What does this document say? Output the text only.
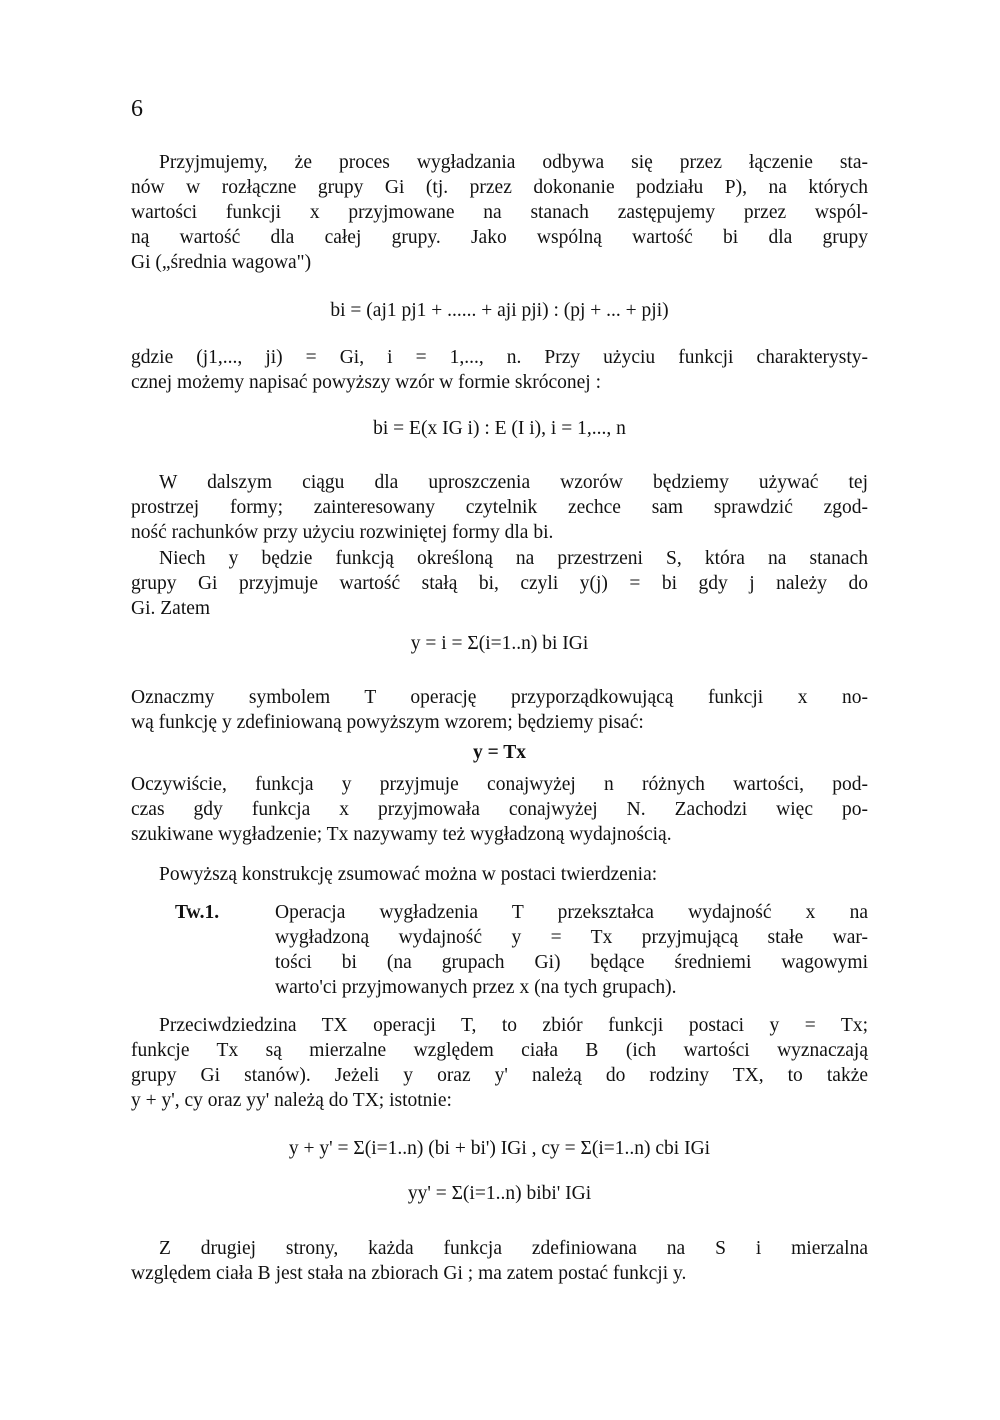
6
Przyjmujemy, że proces wygładzania odbywa się przez łączenie sta-
nów w rozłączne grupy Gi (tj. przez dokonanie podziału P), na których
wartości funkcji x przyjmowane na stanach zastępujemy przez wspól-
ną wartość dla całej grupy. Jako wspólną wartość bi dla grupy
Gi („średnia wagowa")
bi = (aj1 pj1 + ...... + aji pji) : (pj + ... + pji)
gdzie (j1,..., ji) = Gi, i = 1,..., n. Przy użyciu funkcji charakterysty-
cznej możemy napisać powyższy wzór w formie skróconej :
bi = E(x IG i) : E (I i), i = 1,..., n
W dalszym ciągu dla uproszczenia wzorów będziemy używać tej
prostrzej formy; zainteresowany czytelnik zechce sam sprawdzić zgod-
ność rachunków przy użyciu rozwiniętej formy dla bi.
Niech y będzie funkcją określoną na przestrzeni S, która na stanach
grupy Gi przyjmuje wartość stałą bi, czyli y(j) = bi gdy j należy do
Gi. Zatem
y = i = Σ(i=1..n) bi IGi
Oznaczmy symbolem T operację przyporządkowującą funkcji x no-
wą funkcję y zdefiniowaną powyższym wzorem; będziemy pisać:
y = Tx
Oczywiście, funkcja y przyjmuje conajwyżej n różnych wartości, pod-
czas gdy funkcja x przyjmowała conajwyżej N. Zachodzi więc po-
szukiwane wygładzenie; Tx nazywamy też wygładzoną wydajnością.
Powyższą konstrukcję zsumować można w postaci twierdzenia:
Tw.1.	Operacja wygładzenia T przekształca wydajność x na
wygładzoną wydajność y = Tx przyjmującą stałe war-
tości bi (na grupach Gi) będące średniemi wagowymi
warto'ci przyjmowanych przez x (na tych grupach).
Przeciwdziedzina TX operacji T, to zbiór funkcji postaci y = Tx;
funkcje Tx są mierzalne względem ciała B (ich wartości wyznaczają
grupy Gi stanów). Jeżeli y oraz y' należą do rodziny TX, to także
y + y', cy oraz yy' należą do TX; istotnie:
y + y' = Σ(i=1..n) (bi + bi') IGi , cy = Σ(i=1..n) cbi IGi
yy' = Σ(i=1..n) bibi' IGi
Z drugiej strony, każda funkcja zdefiniowana na S i mierzalna
względem ciała B jest stała na zbiorach Gi ; ma zatem postać funkcji y.
